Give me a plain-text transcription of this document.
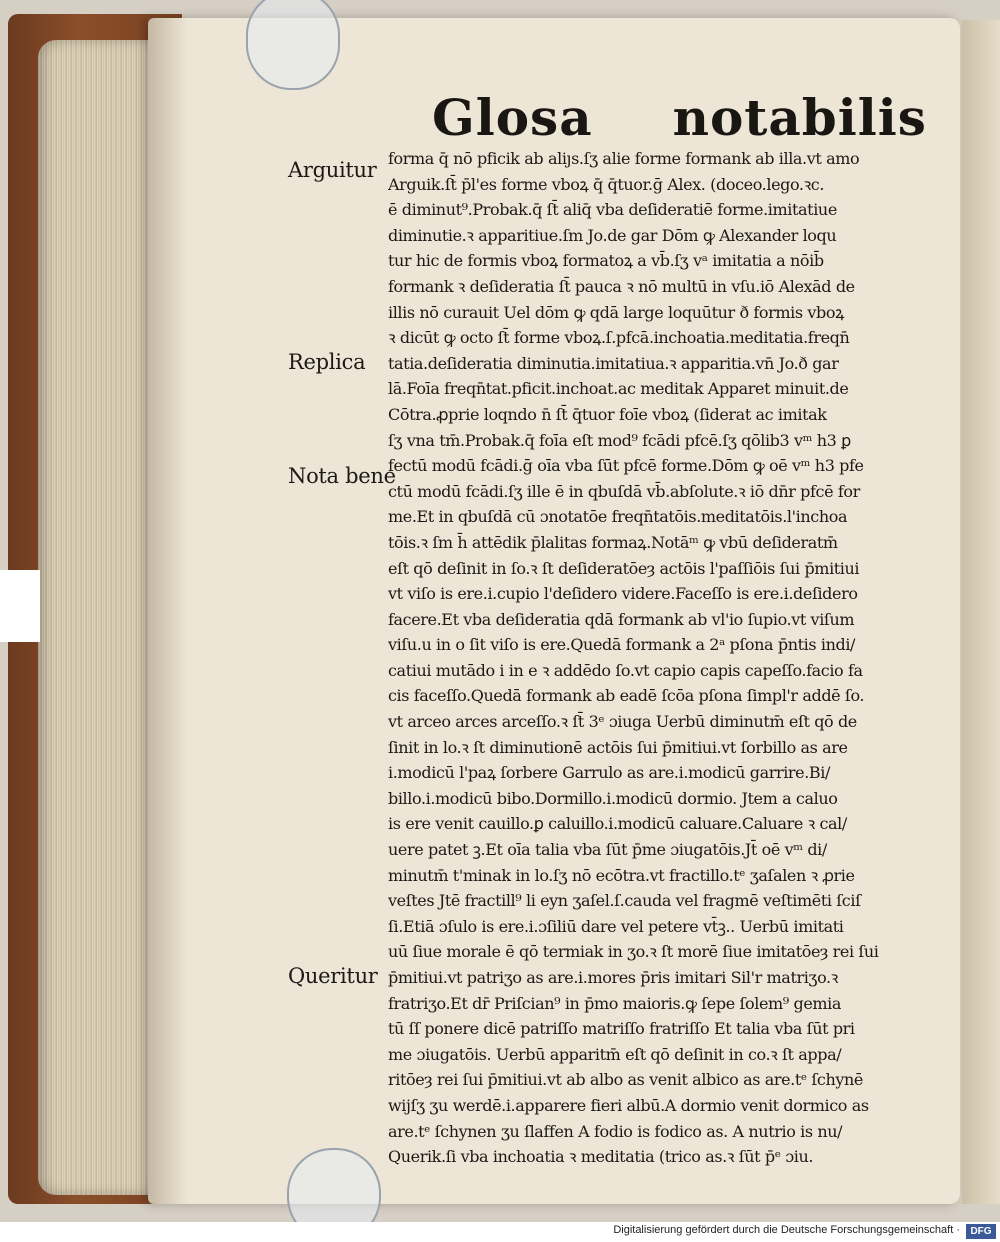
Glosa notabilis
Arguitur
Replica
Nota bene
Queritur
forma q̄ nō pficik ab aliȷs.ſʒ alie forme formank ab illa.vt amo
Arguik.ſt̄ p̄l'es forme vboꝝ q̄ q̄tuor.ḡ Alex. (doceo.lego.ꝛc.
ē diminut⁹.Probak.q̄ ſt̄ aliq̄ vba deſideratiē forme.imitatiue
diminutie.ꝛ apparitiue.ſm Jo.de gar Dōm ꝙ Alexander loqu
tur hic de formis vboꝝ formatoꝝ a vb̄.ſʒ vᵃ imitatia a nōib̄
formank ꝛ deſideratia ſt̄ pauca ꝛ nō multū in vſu.iō Alexād de
illis nō curauit Uel dōm ꝙ qdā large loquūtur ð formis vboꝝ
ꝛ dicūt ꝙ octo ſt̄ forme vboꝝ.ſ.pfcā.inchoatia.meditatia.freqn̄
tatia.deſideratia diminutia.imitatiua.ꝛ apparitia.vn̄ Jo.ð gar
lā.Foīa freqn̄tat.pficit.inchoat.ac meditak Apparet minuit.de
Cōtra.ꝓprie loqndo n̄ ſt̄ q̄tuor foīe vboꝝ (ſiderat ac imitak
ſʒ vna tm̄.Probak.q̄ foīa eſt mod⁹ fcādi pfcē.ſʒ qōlib3 vᵐ h3 ꝑ
fectū modū fcādi.ḡ oīa vba ſūt pfcē forme.Dōm ꝙ oē vᵐ h3 pfe
ctū modū fcādi.ſʒ ille ē in qbuſdā vb̄.abſolute.ꝛ iō dn̄r pfcē for
me.Et in qbuſdā cū ɔnotatōe freqn̄tatōis.meditatōis.l'inchoa
tōis.ꝛ ſm h̄ attēdik p̄lalitas formaꝝ.Notāᵐ ꝙ vbū deſideratm̄
eſt qō deſinit in ſo.ꝛ ſt deſideratōeȝ actōis l'paſſiōis ſui p̄mitiui
vt viſo is ere.i.cupio l'deſidero videre.Faceſſo is ere.i.deſidero
facere.Et vba deſideratia qdā formank ab vl'io ſupio.vt viſum
viſu.u in o ſit viſo is ere.Quedā formank a 2ᵃ pſona p̄ntis indi/
catiui mutādo i in e ꝛ addēdo ſo.vt capio capis capeſſo.facio fa
cis faceſſo.Quedā formank ab eadē ſcōa pſona ſimpl'r addē ſo.
vt arceo arces arceſſo.ꝛ ſt̄ 3ᵉ ɔiuga Uerbū diminutm̄ eſt qō de
ſinit in lo.ꝛ ſt diminutionē actōis ſui p̄mitiui.vt ſorbillo as are
i.modicū l'paꝝ ſorbere Garrulo as are.i.modicū garrire.Bi/
billo.i.modicū bibo.Dormillo.i.modicū dormio. Jtem a caluo
is ere venit cauillo.ꝑ caluillo.i.modicū caluare.Caluare ꝛ cal/
uere patet ꝫ.Et oīa talia vba ſūt p̄me ɔiugatōis.Jt̄ oē vᵐ di/
minutm̄ t'minak in lo.ſʒ nō ecōtra.vt fractillo.tᵉ ʒaſalen ꝛ ꝓrie
veſtes Jtē fractill⁹ li eyn ʒaſel.ſ.cauda vel fragmē veſtimēti ſciſ
ſi.Etiā ɔſulo is ere.i.ɔſiliū dare vel petere vt̄ꝫ.. Uerbū imitati
uū ſiue morale ē qō termiak in ʒo.ꝛ ſt morē ſiue imitatōeȝ rei ſui
p̄mitiui.vt patriʒo as are.i.mores p̄ris imitari Sil'r matriʒo.ꝛ
fratriʒo.Et dr̄ Priſcian⁹ in p̄mo maioris.ꝙ ſepe ſolem⁹ gemia
tū ſſ ponere dicē patriſſo matriſſo fratriſſo Et talia vba ſūt pri
me ɔiugatōis. Uerbū apparitm̄ eſt qō deſinit in co.ꝛ ſt appa/
ritōeȝ rei ſui p̄mitiui.vt ab albo as venit albico as are.tᵉ ſchynē
wijſʒ ʒu werdē.i.apparere fieri albū.A dormio venit dormico as
are.tᵉ ſchynen ʒu ſlaffen A fodio is fodico as. A nutrio is nu/
Querik.ſi vba inchoatia ꝛ meditatia (trico as.ꝛ ſūt p̄ᵉ ɔiu.
Digitalisierung gefördert durch die Deutsche Forschungsgemeinschaft ·	DFG
